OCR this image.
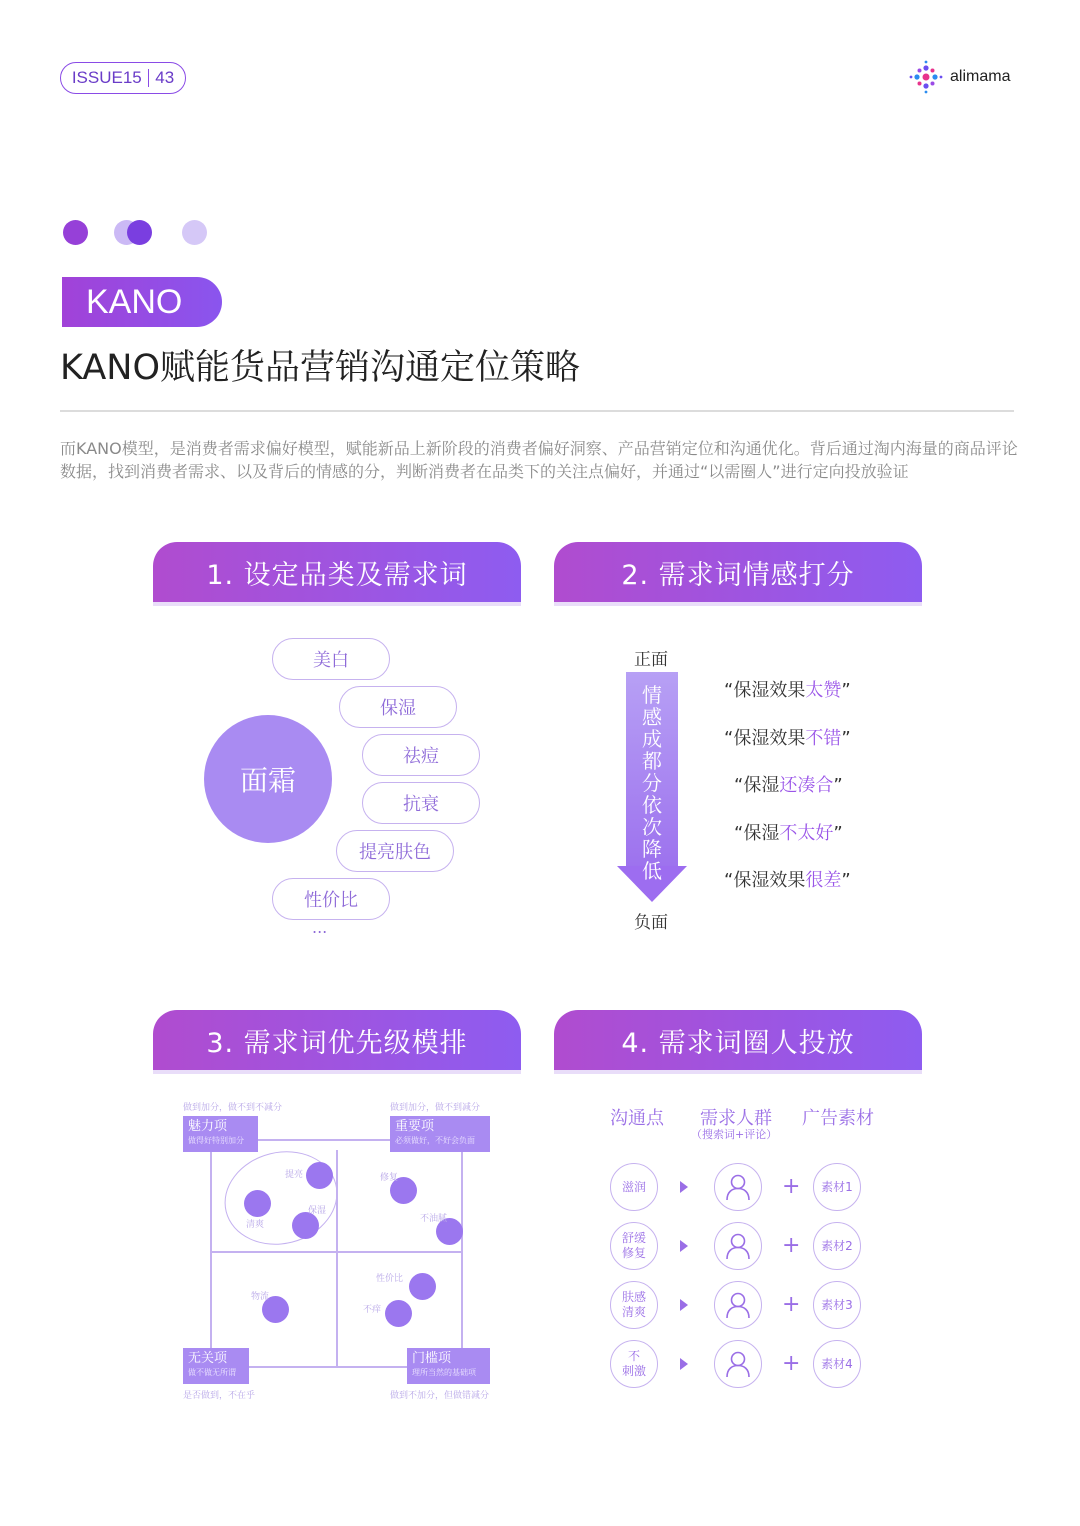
ISSUE15 43	alimama
KANO
KANO赋能货品营销沟通定位策略
而KANO模型，是消费者需求偏好模型，赋能新品上新阶段的消费者偏好洞察、产品营销定位和沟通优化。背后通过淘内海量的商品评论数据，找到消费者需求、以及背后的情感的分，判断消费者在品类下的关注点偏好，并通过“以需圈人”进行定向投放验证
1. 设定品类及需求词
面霜
美白
保湿
祛痘
抗衰
提亮肤色
性价比
...
2. 需求词情感打分
正面
情感成都分依次降低
负面
“保湿效果太赞”
“保湿效果不错”
“保湿还凑合”
“保湿不太好”
“保湿效果很差”
3. 需求词优先级模排
做到加分，做不到不减分	做到加分，做不到减分
魅力项
做得好特别加分
重要项
必须做好，不好会负面
无关项
做不做无所谓
门槛项
理所当然的基础项
是否做到，不在乎	做到不加分，但做错减分
提亮
保湿
清爽
修复
不油腻
物流
性价比
不痒
4. 需求词圈人投放
沟通点 需求人群
（搜索词+评论）
广告素材
滋润	+	素材1
舒缓
修复	+	素材2
肤感
清爽	+	素材3
不
刺激	+	素材4
